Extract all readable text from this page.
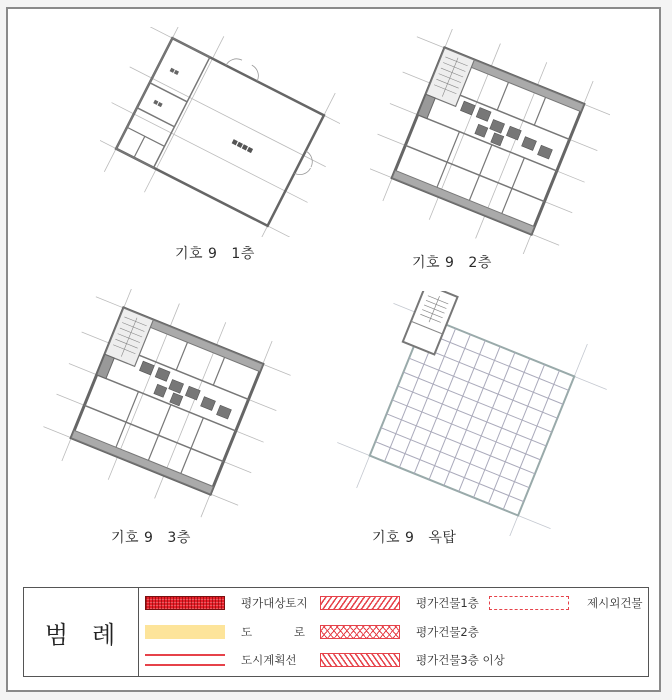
■■■■
■■
■■
기호 9 1층
기호 9 2층
기호 9 3층	기호 9 옥탑
범 례
평가대상토지
도	로
도시계획선
평가건물1층
평가건물2층
평가건물3층 이상
제시외건물
